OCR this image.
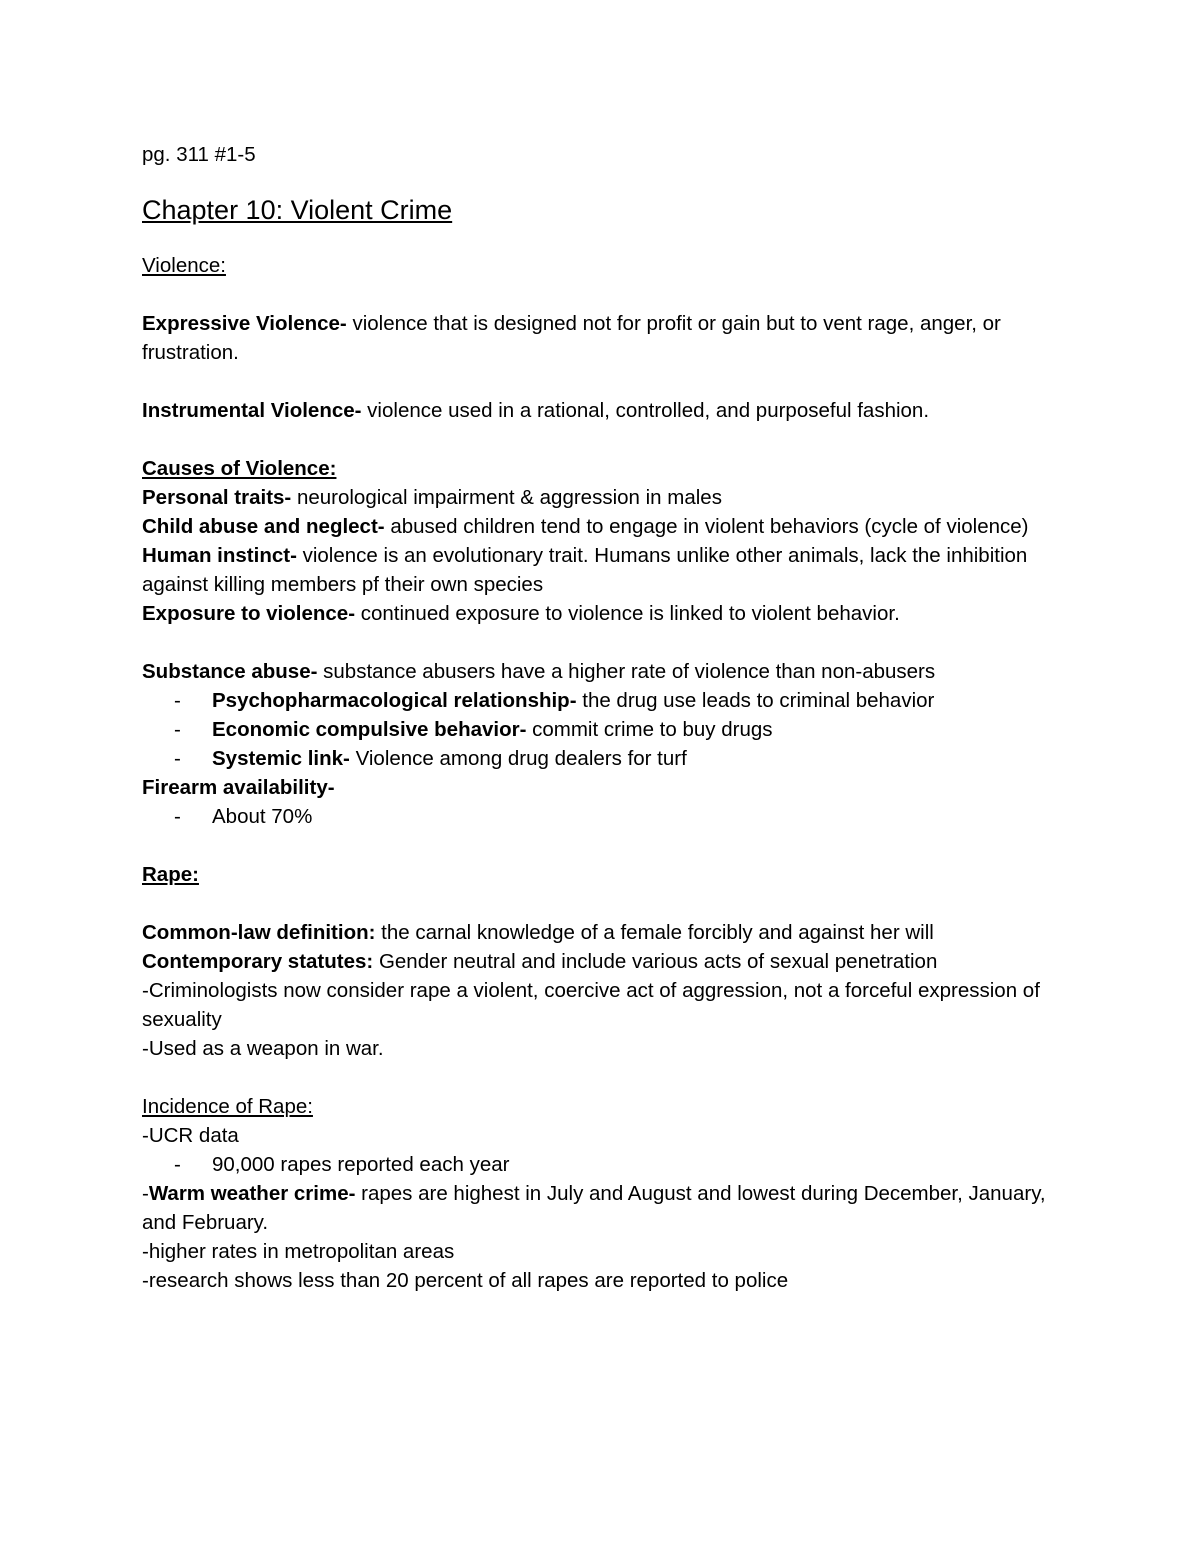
pg. 311 #1-5
Chapter 10: Violent Crime
Violence:
Expressive Violence- violence that is designed not for profit or gain but to vent rage, anger, or frustration.
Instrumental Violence- violence used in a rational, controlled, and purposeful fashion.
Causes of Violence:
Personal traits- neurological impairment & aggression in males
Child abuse and neglect- abused children tend to engage in violent behaviors (cycle of violence)
Human instinct- violence is an evolutionary trait. Humans unlike other animals, lack the inhibition against killing members pf their own species
Exposure to violence- continued exposure to violence is linked to violent behavior.
Substance abuse- substance abusers have a higher rate of violence than non-abusers
- Psychopharmacological relationship- the drug use leads to criminal behavior
- Economic compulsive behavior- commit crime to buy drugs
- Systemic link- Violence among drug dealers for turf
Firearm availability-
- About 70%
Rape:
Common-law definition: the carnal knowledge of a female forcibly and against her will
Contemporary statutes: Gender neutral and include various acts of sexual penetration
-Criminologists now consider rape a violent, coercive act of aggression, not a forceful expression of sexuality
-Used as a weapon in war.
Incidence of Rape:
-UCR data
- 90,000 rapes reported each year
-Warm weather crime- rapes are highest in July and August and lowest during December, January, and February.
-higher rates in metropolitan areas
-research shows less than 20 percent of all rapes are reported to police
